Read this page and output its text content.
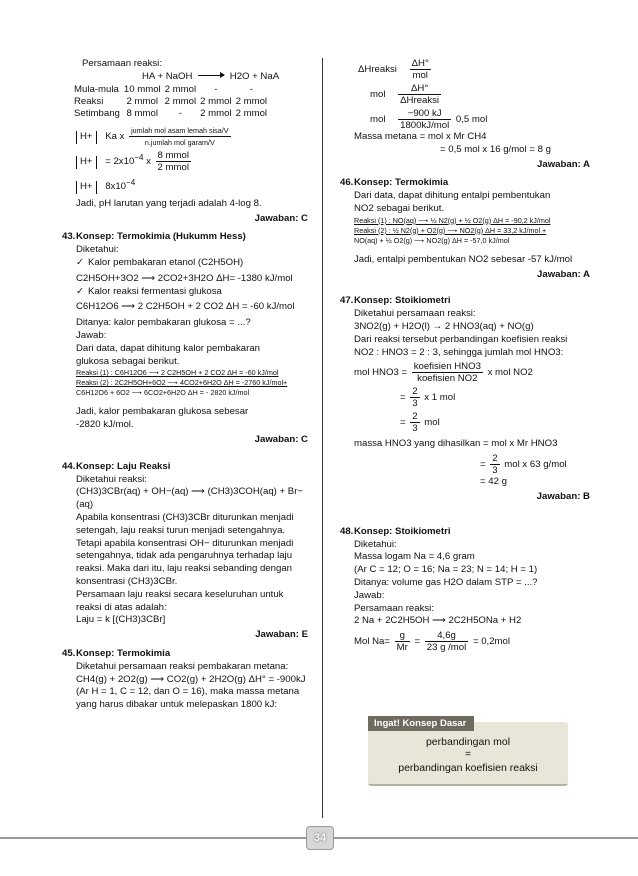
Persamaan reaksi:

HA + NaOH	H2O + NaA

Mula-mula	10 mmol	2 mmol	-	-
Reaksi	2 mmol	2 mmol	2 mmol	2 mmol
Setimbang	8 mmol	-	2 mmol	2 mmol

H+ Ka x $\frac{\text{jumlah mol asam lemah sisa/V}}{\text{n.jumlah mol garam/V}}$

$H+ = 2x10^{-4}$ x $\frac{\text{8 mmol}}{\text{2 mmol}}$

$H+ 8x10^{-4}$

Jadi, pH larutan yang terjadi adalah 4-log 8.

Jawaban: C

43.Konsep: Termokimia (Hukumm Hess)

Diketahui:

✓ Kalor pembakaran etanol (C2H5OH)

C2H5OH+3O2 ⟶ 2CO2+3H2O ΔH= -1380 kJ/mol

✓ Kalor reaksi fermentasi glukosa

C6H12O6 ⟶ 2 C2H5OH + 2 CO2 ΔH = -60 kJ/mol

Ditanya: kalor pembakaran glukosa = ...?

Jawab:

Dari data, dapat dihitung kalor pembakaran

glukosa sebagai berikut.

Reaksi (1) : C6H12O6 ⟶ 2 C2H5OH + 2 CO2 ΔH = -60 kJ/mol

Reaksi (2) : 2C2H5OH+6O2 ⟶ 4CO2+6H2O ΔH = -2760 kJ/mol+

C6H12O6 + 6O2 ⟶ 6CO2+6H2O ΔH = - 2820 kJ/mol

Jadi, kalor pembakaran glukosa sebesar

-2820 kJ/mol.

Jawaban: C

44.Konsep: Laju Reaksi

Diketahui reaksi:

(CH3)3CBr(aq) + OH−(aq) ⟶ (CH3)3COH(aq) + Br−(aq)

Apabila konsentrasi (CH3)3CBr diturunkan menjadi

setengah, laju reaksi turun menjadi setengahnya.

Tetapi apabila konsentrasi OH− diturunkan menjadi

setengahnya, tidak ada pengaruhnya terhadap laju

reaksi. Maka dari itu, laju reaksi sebanding dengan

konsentrasi (CH3)3CBr.

Persamaan laju reaksi secara keseluruhan untuk

reaksi di atas adalah:

Laju = k [(CH3)3CBr]

Jawaban: E

45.Konsep: Termokimia

Diketahui persamaan reaksi pembakaran metana:

CH4(g) + 2O2(g) ⟶ CO2(g) + 2H2O(g) ΔH° = -900kJ

(Ar H = 1, C = 12, dan O = 16), maka massa metana

yang harus dibakar untuk melepaskan 1800 kJ:

ΔHreaksi $\frac{\Delta H^\circ}{\text{mol}}$

mol $\frac{\Delta H^\circ}{\text{ΔHreaksi}}$

mol $\frac{-900 kJ}{\text{1800kJ/mol}} 0,5$ mol

Massa metana = mol x Mr CH4

= 0,5 mol x 16 g/mol = 8 g

Jawaban: A

46.Konsep: Termokimia

Dari data, dapat dihitung entalpi pembentukan

NO2 sebagai berikut.

Reaksi (1) : NO(aq) ⟶ ½ N2(g) + ½ O2(g) ΔH = -90,2 kJ/mol

Reaksi (2) : ½ N2(g) + O2(g) ⟶ NO2(g) ΔH = 33,2 kJ/mol +

NO(aq) + ½ O2(g) ⟶ NO2(g) ΔH = -57,0 kJ/mol

Jadi, entalpi pembentukan NO2 sebesar -57 kJ/mol

Jawaban: A

47.Konsep: Stoikiometri

Diketahui persamaan reaksi:

3NO2(g) + H2O(l) → 2 HNO3(aq) + NO(g)

Dari reaksi tersebut perbandingan koefisien reaksi

NO2 : HNO3 = 2 : 3, sehingga jumlah mol HNO3:

mol $HNO3 = \frac{\text{koefisien HNO3}}{\text{koefisien NO2}}$ x mol NO2

= $\frac{2}{3}$ x 1 mol

= $\frac{2}{3}$ mol

massa HNO3 yang dihasilkan = mol x Mr HNO3

= $\frac{2}{3}$ mol x 63 g/mol

= 42 g

Jawaban: B

48.Konsep: Stoikiometri

Diketahui:

Massa logam Na = 4,6 gram

(Ar C = 12; O = 16; Na = 23; N = 14; H = 1)

Ditanya: volume gas H2O dalam STP = ...?

Jawab:

Persamaan reaksi:

2 Na + 2C2H5OH ⟶ 2C2H5ONa + H2

Mol $Na= \frac{g}{Mr} = \frac{4,6g}{\text{23 g /mol}} = 0,2mol$

Ingat! Konsep Dasar
perbandingan mol
=
perbandingan koefisien reaksi
34
